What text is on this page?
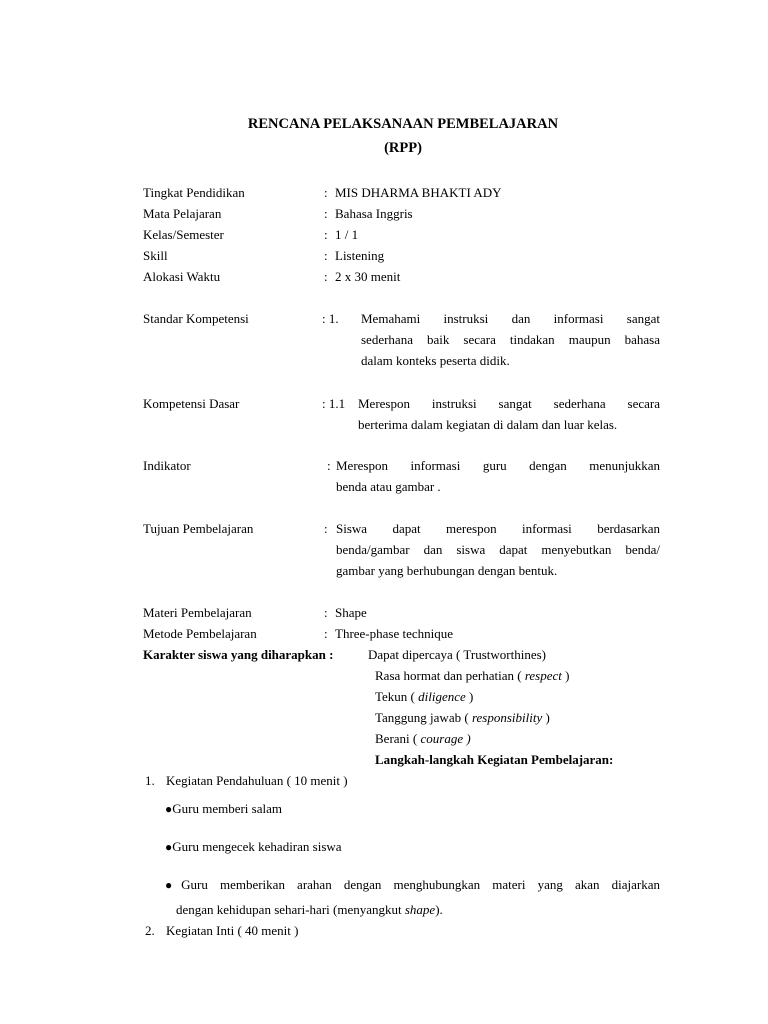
RENCANA PELAKSANAAN PEMBELAJARAN
(RPP)
Tingkat Pendidikan	: MIS DHARMA BHAKTI ADY
Mata Pelajaran	: Bahasa Inggris
Kelas/Semester	: 1 / 1
Skill	: Listening
Alokasi Waktu	: 2 x 30 menit
Standar Kompetensi	: 1. Memahami instruksi dan informasi sangat
sederhana baik secara tindakan maupun bahasa
dalam konteks peserta didik.
Kompetensi Dasar	: 1.1 Merespon instruksi sangat sederhana secara
berterima dalam kegiatan di dalam dan luar kelas.
Indikator	: Merespon informasi guru dengan menunjukkan
benda atau gambar .
Tujuan Pembelajaran	: Siswa dapat merespon informasi berdasarkan
benda/gambar dan siswa dapat menyebutkan benda/
gambar yang berhubungan dengan bentuk.
Materi Pembelajaran	: Shape
Metode Pembelajaran	: Three-phase technique
Karakter siswa yang diharapkan :	Dapat dipercaya ( Trustworthines)
Rasa hormat dan perhatian ( respect )
Tekun ( diligence )
Tanggung jawab ( responsibility )
Berani ( courage )
Langkah-langkah Kegiatan Pembelajaran:
1. Kegiatan Pendahuluan ( 10 menit )
●Guru memberi salam
●Guru mengecek kehadiran siswa
●Guru memberikan arahan dengan menghubungkan materi yang akan diajarkan
dengan kehidupan sehari-hari (menyangkut shape).
2. Kegiatan Inti ( 40 menit )
